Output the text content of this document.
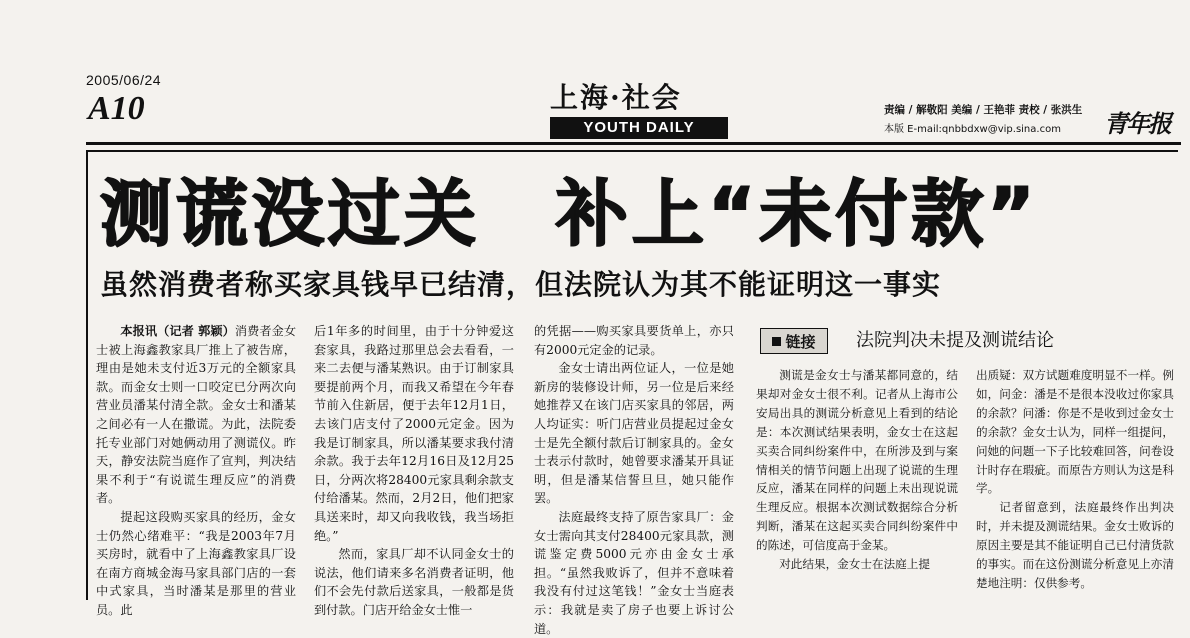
2005/06/24
A10	上海·社会
YOUTH DAILY
责编 / 解敬阳 美编 / 王艳菲 责校 / 张洪生
本版 E-mail:qnbbdxw@vip.sina.com 青年报
测谎没过关　补上“未付款”
虽然消费者称买家具钱早已结清，但法院认为其不能证明这一事实

本报讯（记者 郭颖）消费者金女士被上海鑫教家具厂推上了被告席，理由是她未支付近3万元的全额家具款。而金女士则一口咬定已分两次向营业员潘某付清全款。金女士和潘某之间必有一人在撒谎。为此，法院委托专业部门对她俩动用了测谎仪。昨天，静安法院当庭作了宣判，判决结果不利于“有说谎生理反应”的消费者。

提起这段购买家具的经历，金女士仍然心绪难平：“我是2003年7月买房时，就看中了上海鑫教家具厂设在南方商城金海马家具部门店的一套中式家具，当时潘某是那里的营业员。此

后1年多的时间里，由于十分钟爱这套家具，我路过那里总会去看看，一来二去便与潘某熟识。由于订制家具要提前两个月，而我又希望在今年春节前入住新居，便于去年12月1日，去该门店支付了2000元定金。因为我是订制家具，所以潘某要求我付清余款。我于去年12月16日及12月25日，分两次将28400元家具剩余款支付给潘某。然而，2月2日，他们把家具送来时，却又向我收钱，我当场拒绝。”

然而，家具厂却不认同金女士的说法，他们请来多名消费者证明，他们不会先付款后送家具，一般都是货到付款。门店开给金女士惟一

的凭据——购买家具要货单上，亦只有2000元定金的记录。

金女士请出两位证人，一位是她新房的装修设计师，另一位是后来经她推荐又在该门店买家具的邻居，两人均证实：听门店营业员提起过金女士是先全额付款后订制家具的。金女士表示付款时，她曾要求潘某开具证明，但是潘某信誓旦旦，她只能作罢。

法庭最终支持了原告家具厂：金女士需向其支付28400元家具款，测谎鉴定费5000元亦由金女士承担。“虽然我败诉了，但并不意味着我没有付过这笔钱！”金女士当庭表示：我就是卖了房子也要上诉讨公道。

链接 法院判决未提及测谎结论

测谎是金女士与潘某都同意的，结果却对金女士很不利。记者从上海市公安局出具的测谎分析意见上看到的结论是：本次测试结果表明，金女士在这起买卖合同纠纷案件中，在所涉及到与案情相关的情节问题上出现了说谎的生理反应，潘某在同样的问题上未出现说谎生理反应。根据本次测试数据综合分析判断，潘某在这起买卖合同纠纷案件中的陈述，可信度高于金某。

对此结果，金女士在法庭上提

出质疑：双方试题难度明显不一样。例如，问金：潘是不是很本没收过你家具的余款？问潘：你是不是收到过金女士的余款？金女士认为，同样一组提问，问她的问题一下子比较难回答，问卷设计时存在瑕疵。而原告方则认为这是科学。

记者留意到，法庭最终作出判决时，并未提及测谎结果。金女士败诉的原因主要是其不能证明自己已付清货款的事实。而在这份测谎分析意见上亦清楚地注明：仅供参考。
